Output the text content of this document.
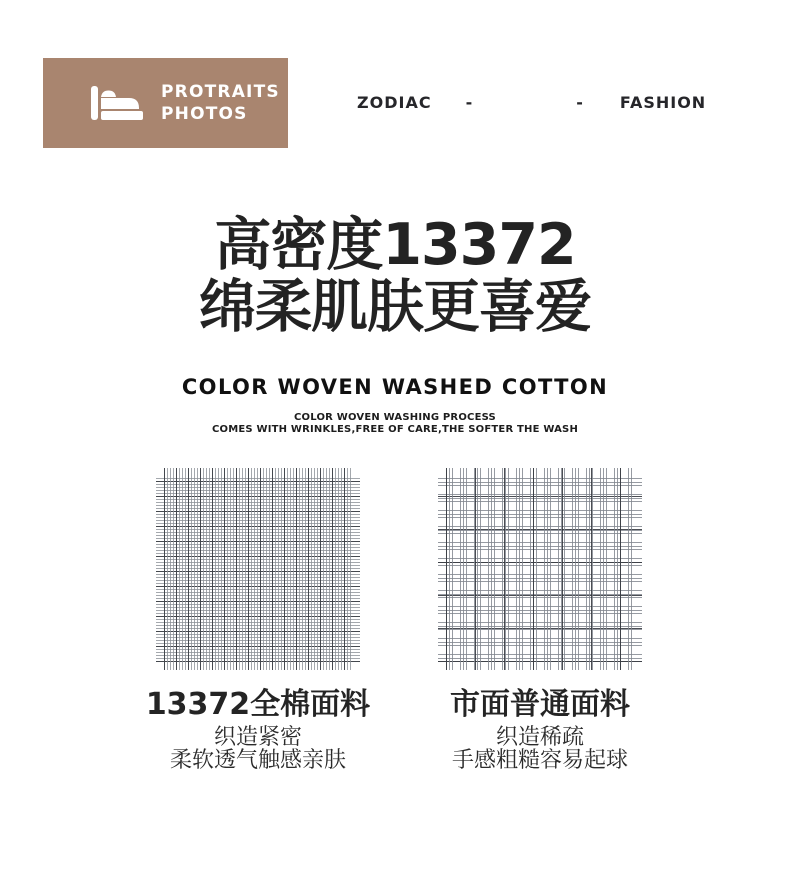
PROTRAITS
PHOTOS
ZODIAC -	- FASHION
高密度13372
绵柔肌肤更喜爱
COLOR WOVEN WASHED COTTON
COLOR WOVEN WASHING PROCESS
COMES WITH WRINKLES,FREE OF CARE,THE SOFTER THE WASH
13372全棉面料
织造紧密
柔软透气触感亲肤
市面普通面料
织造稀疏
手感粗糙容易起球
